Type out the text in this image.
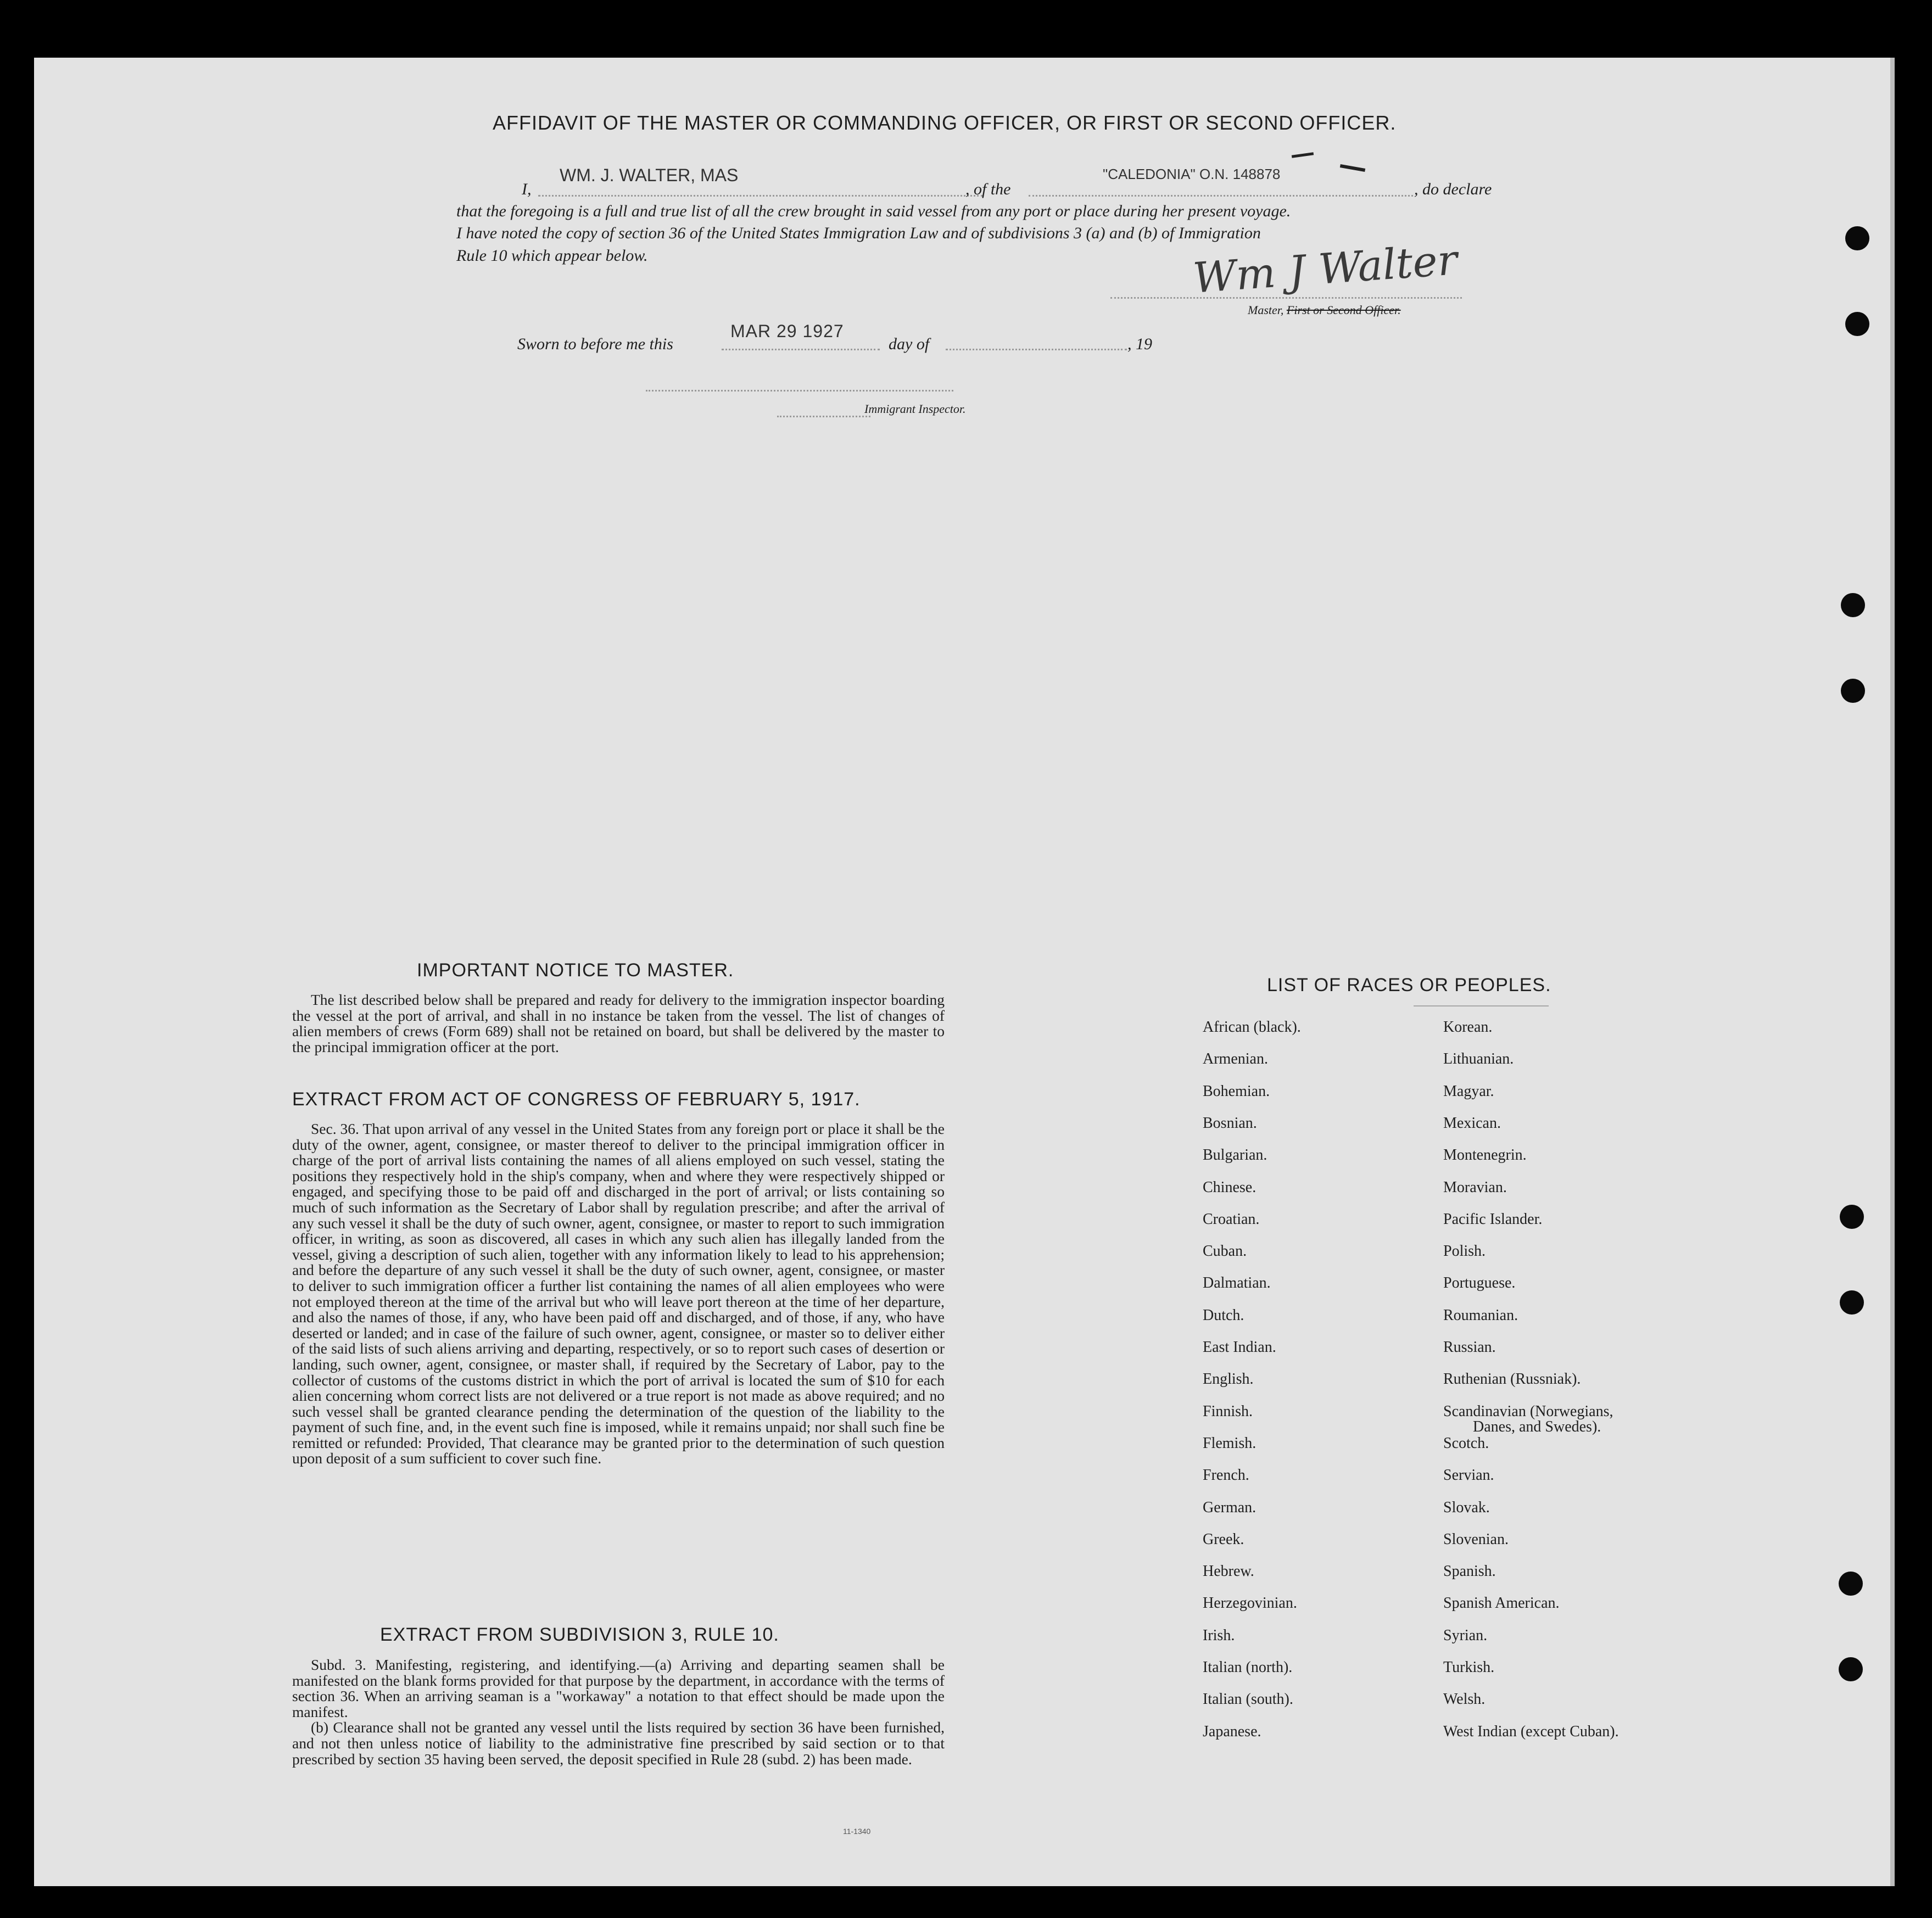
AFFIDAVIT OF THE MASTER OR COMMANDING OFFICER, OR FIRST OR SECOND OFFICER.
I,
WM. J. WALTER, MAS
, of the
"CALEDONIA" O.N. 148878
, do declare
that the foregoing is a full and true list of all the crew brought in said vessel from any port or place during her present voyage.
I have noted the copy of section 36 of the United States Immigration Law and of subdivisions 3 (a) and (b) of Immigration
Rule 10 which appear below.	Wm J Walter
Master, First or Second Officer.
Sworn to before me this
MAR 29 1927
day of	, 19
Immigrant Inspector.
IMPORTANT NOTICE TO MASTER.

The list described below shall be prepared and ready for delivery to the immigration inspector boarding the vessel at the port of arrival, and shall in no instance be taken from the vessel. The list of changes of alien members of crews (Form 689) shall not be retained on board, but shall be delivered by the master to the principal immigration officer at the port.

EXTRACT FROM ACT OF CONGRESS OF FEBRUARY 5, 1917.

Sec. 36. That upon arrival of any vessel in the United States from any foreign port or place it shall be the duty of the owner, agent, consignee, or master thereof to deliver to the principal immigration officer in charge of the port of arrival lists containing the names of all aliens employed on such vessel, stating the positions they respectively hold in the ship's company, when and where they were respectively shipped or engaged, and specifying those to be paid off and discharged in the port of arrival; or lists containing so much of such information as the Secretary of Labor shall by regulation prescribe; and after the arrival of any such vessel it shall be the duty of such owner, agent, consignee, or master to report to such immigration officer, in writing, as soon as discovered, all cases in which any such alien has illegally landed from the vessel, giving a description of such alien, together with any information likely to lead to his apprehension; and before the departure of any such vessel it shall be the duty of such owner, agent, consignee, or master to deliver to such immigration officer a further list containing the names of all alien employees who were not employed thereon at the time of the arrival but who will leave port thereon at the time of her departure, and also the names of those, if any, who have been paid off and discharged, and of those, if any, who have deserted or landed; and in case of the failure of such owner, agent, consignee, or master so to deliver either of the said lists of such aliens arriving and departing, respectively, or so to report such cases of desertion or landing, such owner, agent, consignee, or master shall, if required by the Secretary of Labor, pay to the collector of customs of the customs district in which the port of arrival is located the sum of $10 for each alien concerning whom correct lists are not delivered or a true report is not made as above required; and no such vessel shall be granted clearance pending the determination of the question of the liability to the payment of such fine, and, in the event such fine is imposed, while it remains unpaid; nor shall such fine be remitted or refunded: Provided, That clearance may be granted prior to the determination of such question upon deposit of a sum sufficient to cover such fine.

EXTRACT FROM SUBDIVISION 3, RULE 10.

Subd. 3. Manifesting, registering, and identifying.—(a) Arriving and departing seamen shall be manifested on the blank forms provided for that purpose by the department, in accordance with the terms of section 36. When an arriving seaman is a "workaway" a notation to that effect should be made upon the manifest.

(b) Clearance shall not be granted any vessel until the lists required by section 36 have been furnished, and not then unless notice of liability to the administrative fine prescribed by said section or to that prescribed by section 35 having been served, the deposit specified in Rule 28 (subd. 2) has been made.

11-1340
LIST OF RACES OR PEOPLES.
African (black).
Armenian.
Bohemian.
Bosnian.
Bulgarian.
Chinese.
Croatian.
Cuban.
Dalmatian.
Dutch.
East Indian.
English.
Finnish.
Flemish.
French.
German.
Greek.
Hebrew.
Herzegovinian.
Irish.
Italian (north).
Italian (south).
Japanese.
Korean.
Lithuanian.
Magyar.
Mexican.
Montenegrin.
Moravian.
Pacific Islander.
Polish.
Portuguese.
Roumanian.
Russian.
Ruthenian (Russniak).
Scandinavian (Norwegians,
Scotch.
Servian.
Slovak.
Slovenian.
Spanish.
Spanish American.
Syrian.
Turkish.
Welsh.
West Indian (except Cuban).
Danes, and Swedes).
